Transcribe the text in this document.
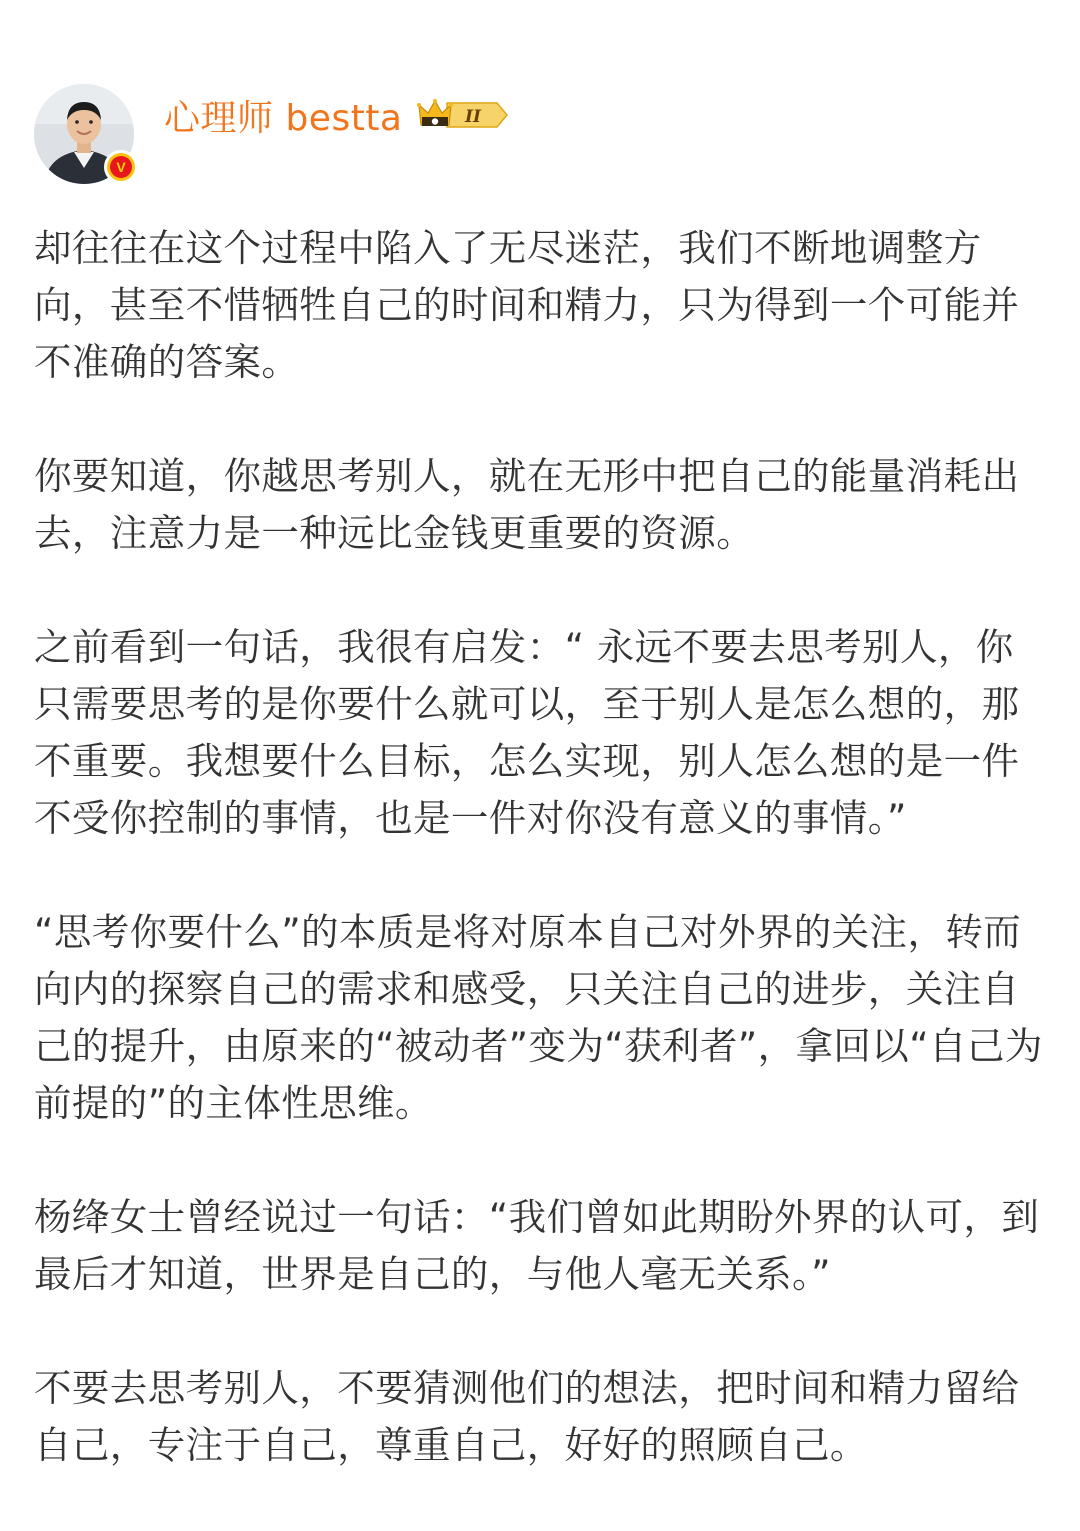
V
心理师 bestta	II

却往往在这个过程中陷入了无尽迷茫，我们不断地调整方向，甚至不惜牺牲自己的时间和精力，只为得到一个可能并不准确的答案。

你要知道，你越思考别人，就在无形中把自己的能量消耗出去，注意力是一种远比金钱更重要的资源。

之前看到一句话，我很有启发：“ 永远不要去思考别人，你只需要思考的是你要什么就可以，至于别人是怎么想的，那不重要。我想要什么目标，怎么实现，别人怎么想的是一件不受你控制的事情，也是一件对你没有意义的事情。”

“思考你要什么”的本质是将对原本自己对外界的关注，转而向内的探察自己的需求和感受，只关注自己的进步，关注自己的提升，由原来的“被动者”变为“获利者”，拿回以“自己为前提的”的主体性思维。

杨绛女士曾经说过一句话：“我们曾如此期盼外界的认可，到最后才知道，世界是自己的，与他人毫无关系。”

不要去思考别人，不要猜测他们的想法，把时间和精力留给自己，专注于自己，尊重自己，好好的照顾自己。
